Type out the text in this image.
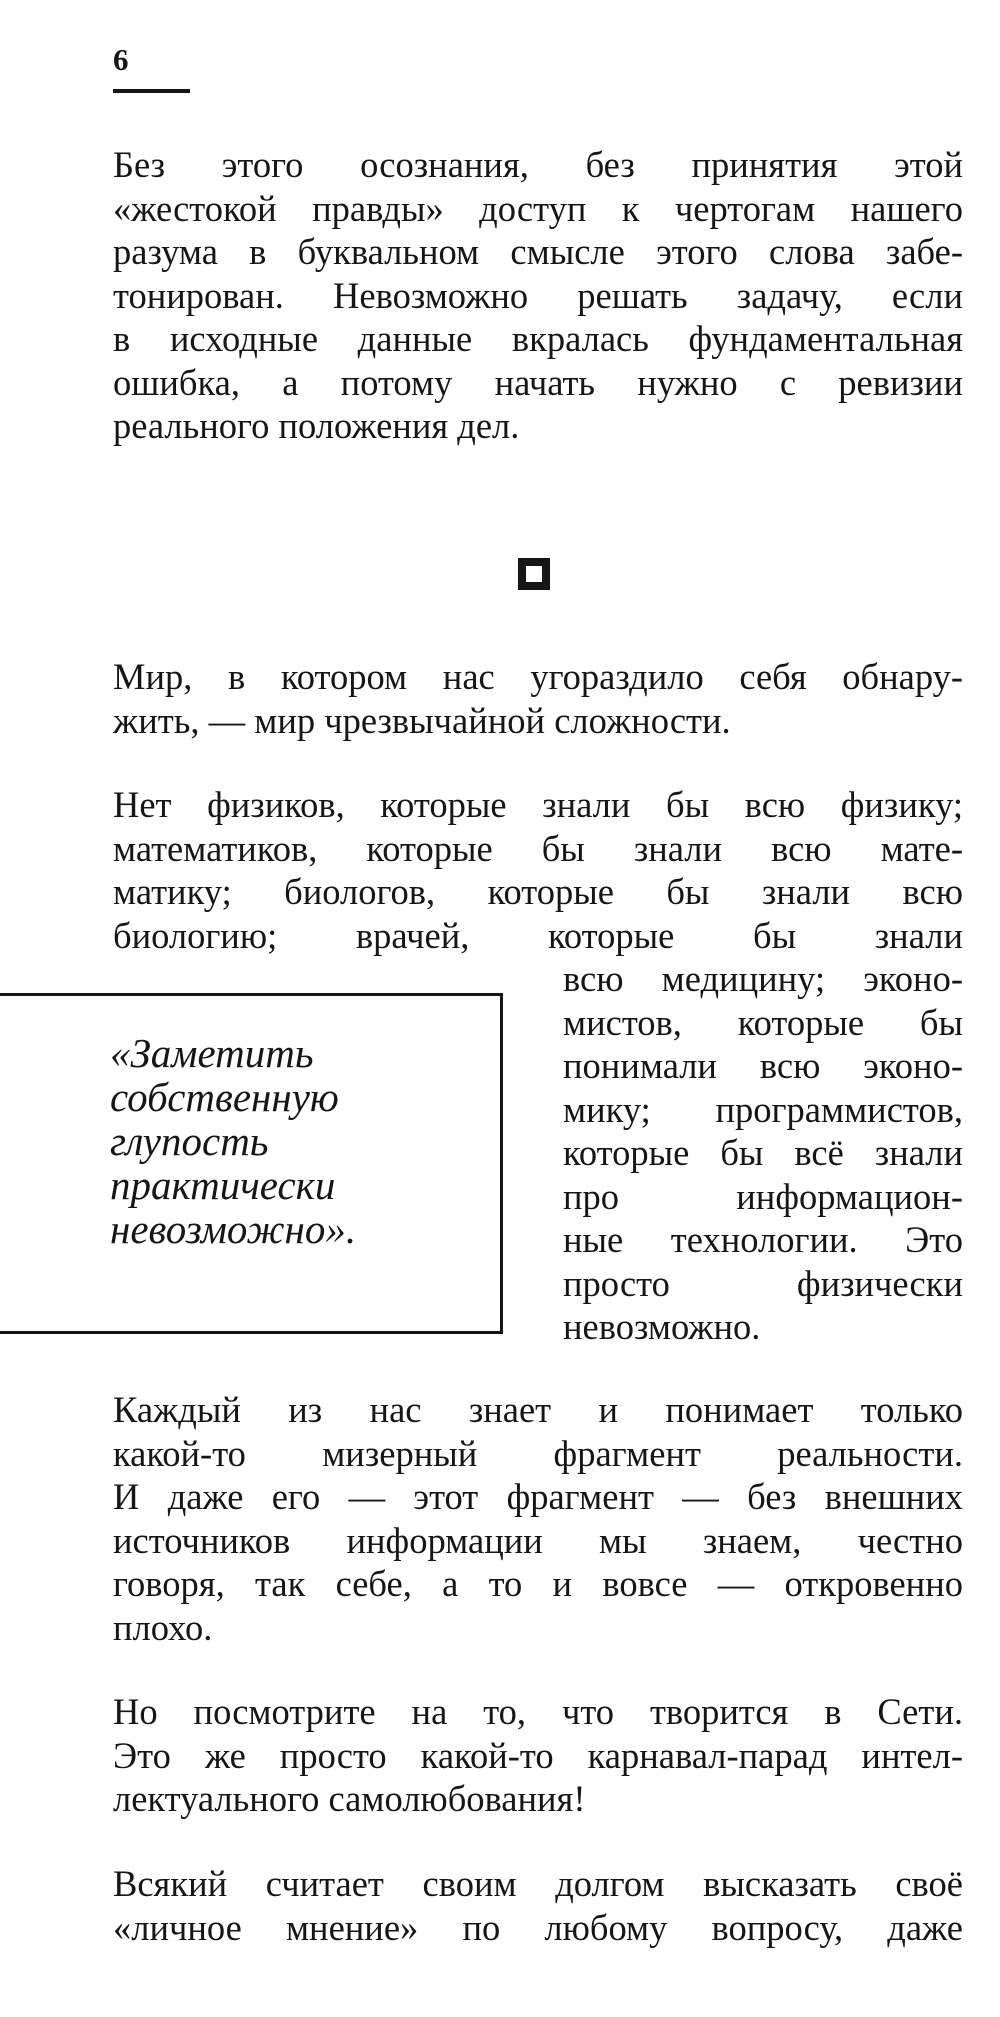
6

Без этого осознания, без принятия этой
«жестокой правды» доступ к чертогам нашего
разума в буквальном смысле этого слова забе-
тонирован. Невозможно решать задачу, если
в исходные данные вкралась фундаментальная
ошибка, а потому начать нужно с ревизии
реального положения дел.

Мир, в котором нас угораздило себя обнару-
жить, — мир чрезвычайной сложности.

Нет физиков, которые знали бы всю физику;
математиков, которые бы знали всю мате-
матику; биологов, которые бы знали всю
биологию; врачей, которые бы знали

всю медицину; эконо-
мистов, которые бы
понимали всю эконо-
мику; программистов,
которые бы всё знали
про информацион-
ные технологии. Это
просто физически
невозможно.

«Заметить
собственную
глупость
практически
невозможно».

Каждый из нас знает и понимает только
какой-то мизерный фрагмент реальности.
И даже его — этот фрагмент — без внешних
источников информации мы знаем, честно
говоря, так себе, а то и вовсе — откровенно
плохо.

Но посмотрите на то, что творится в Сети.
Это же просто какой-то карнавал-парад интел-
лектуального самолюбования!

Всякий считает своим долгом высказать своё
«личное мнение» по любому вопросу, даже
